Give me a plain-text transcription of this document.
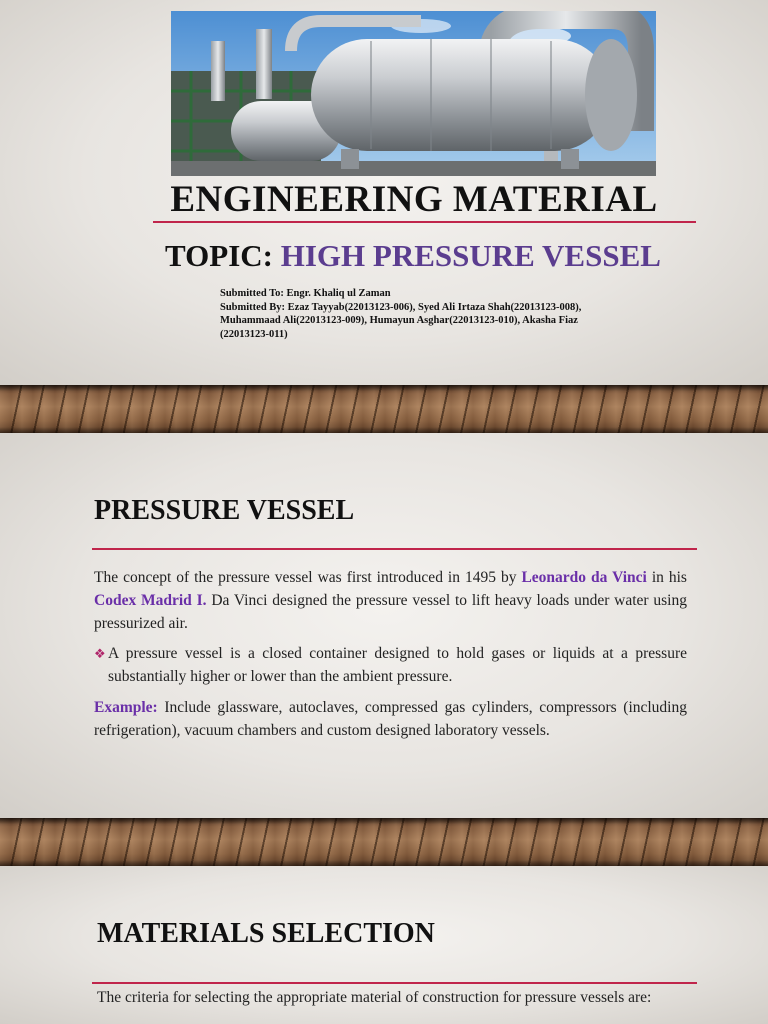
ENGINEERING MATERIAL
TOPIC: HIGH PRESSURE VESSEL
Submitted To: Engr. Khaliq ul Zaman
Submitted By: Ezaz Tayyab(22013123-006), Syed Ali Irtaza Shah(22013123-008), Muhammaad Ali(22013123-009), Humayun Asghar(22013123-010), Akasha Fiaz (22013123-011)
PRESSURE VESSEL
The concept of the pressure vessel was first introduced in 1495 by Leonardo da Vinci in his Codex Madrid I. Da Vinci designed the pressure vessel to lift heavy loads under water using pressurized air.
❖ A pressure vessel is a closed container designed to hold gases or liquids at a pressure substantially higher or lower than the ambient pressure.
Example: Include glassware, autoclaves, compressed gas cylinders, compressors (including refrigeration), vacuum chambers and custom designed laboratory vessels.
MATERIALS SELECTION
The criteria for selecting the appropriate material of construction for pressure vessels are:
